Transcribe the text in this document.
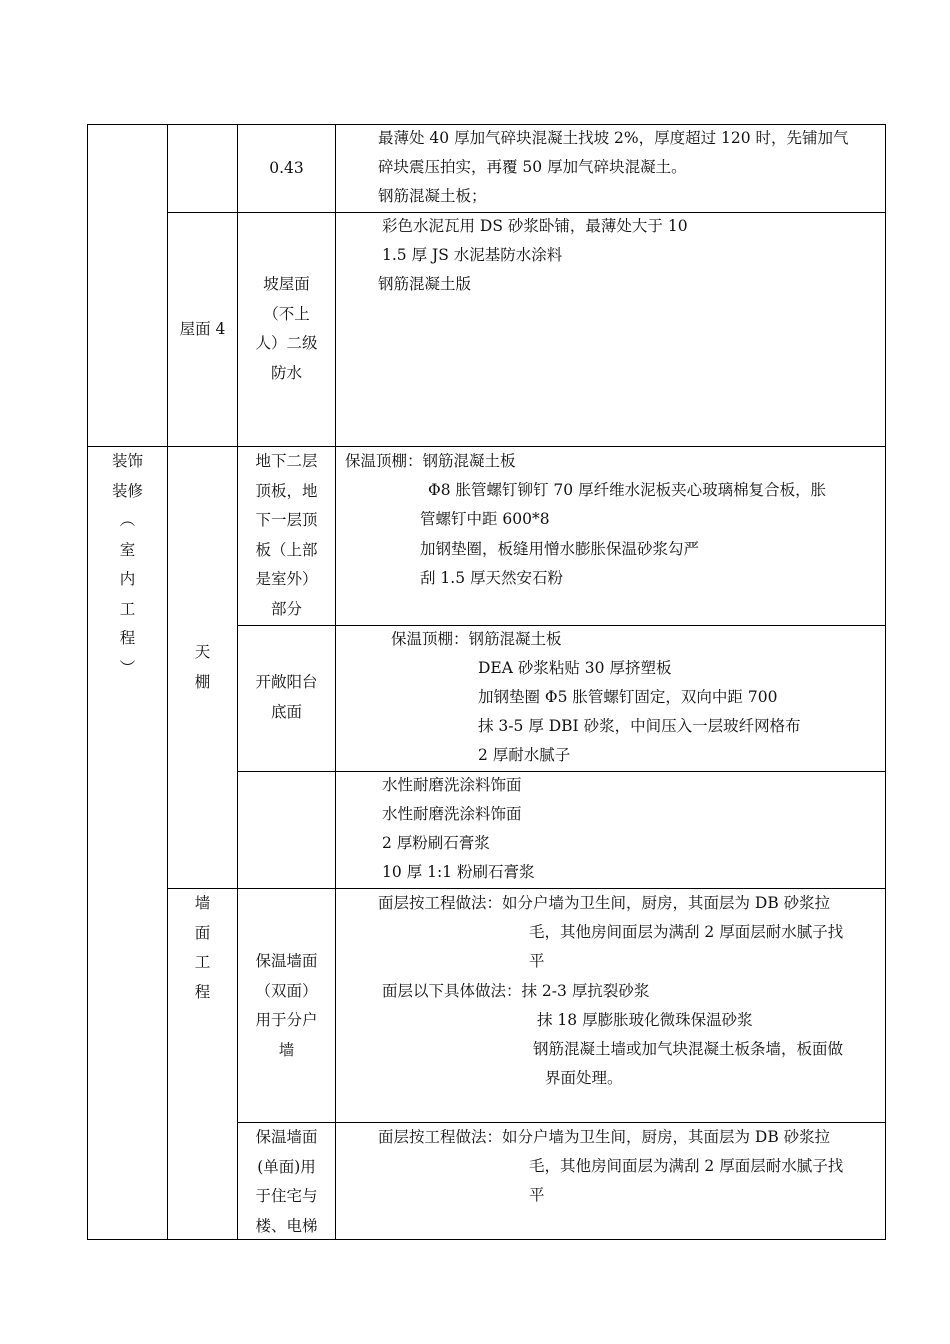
0.43
最薄处 40 厚加气碎块混凝土找坡 2%，厚度超过 120 时，先铺加气
碎块震压拍实，再覆 50 厚加气碎块混凝土。
钢筋混凝土板；
屋面 4
坡屋面
（不上
人）二级
防水
彩色水泥瓦用 DS 砂浆卧铺，最薄处大于 10
1.5 厚 JS 水泥基防水涂料
钢筋混凝土版
装饰
装修
︵
室
内
工
程
︶
天
棚
地下二层
顶板，地
下一层顶
板（上部
是室外）
部分
保温顶棚：钢筋混凝土板
Φ8 胀管螺钉铆钉 70 厚纤维水泥板夹心玻璃棉复合板，胀
管螺钉中距 600*8
加钢垫圈，板缝用憎水膨胀保温砂浆勾严
刮 1.5 厚天然安石粉
开敞阳台
底面
保温顶棚：钢筋混凝土板
DEA 砂浆粘贴 30 厚挤塑板
加钢垫圈 Φ5 胀管螺钉固定，双向中距 700
抹 3-5 厚 DBI 砂浆，中间压入一层玻纤网格布
2 厚耐水腻子
水性耐磨洗涂料饰面
水性耐磨洗涂料饰面
2 厚粉刷石膏浆
10 厚 1:1 粉刷石膏浆
墙
面
工
程
保温墙面
（双面）
用于分户
墙
面层按工程做法：如分户墙为卫生间，厨房，其面层为 DB 砂浆拉
毛，其他房间面层为满刮 2 厚面层耐水腻子找
平
面层以下具体做法：抹 2-3 厚抗裂砂浆
抹 18 厚膨胀玻化微珠保温砂浆
钢筋混凝土墙或加气块混凝土板条墙，板面做
界面处理。
保温墙面
(单面)用
于住宅与
楼、电梯
面层按工程做法：如分户墙为卫生间，厨房，其面层为 DB 砂浆拉
毛，其他房间面层为满刮 2 厚面层耐水腻子找
平
